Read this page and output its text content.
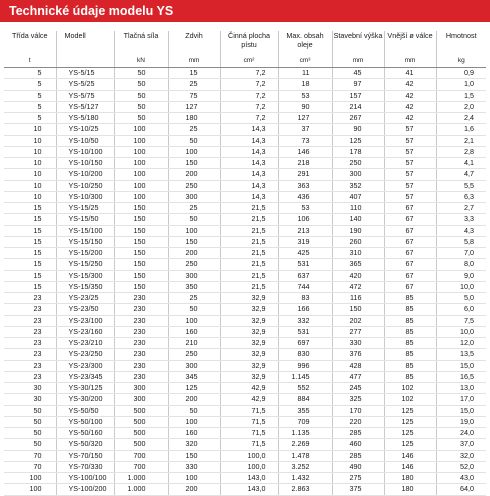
Technické údaje modelu YS
Třída válce	Modell	Tlačná síla	Zdvih	Činná plocha pístu	Max. obsah oleje	Stavební výška	Vnější ø válce	Hmotnost
t		kN	mm	cm²	cm³	mm	mm	kg
5	YS-5/15	50	15	7,2	11	45	41	0,9
5	YS-5/25	50	25	7,2	18	97	42	1,0
5	YS-5/75	50	75	7,2	53	157	42	1,5
5	YS-5/127	50	127	7,2	90	214	42	2,0
5	YS-5/180	50	180	7,2	127	267	42	2,4
10	YS-10/25	100	25	14,3	37	90	57	1,6
10	YS-10/50	100	50	14,3	73	125	57	2,1
10	YS-10/100	100	100	14,3	146	178	57	2,8
10	YS-10/150	100	150	14,3	218	250	57	4,1
10	YS-10/200	100	200	14,3	291	300	57	4,7
10	YS-10/250	100	250	14,3	363	352	57	5,5
10	YS-10/300	100	300	14,3	436	407	57	6,3
15	YS-15/25	150	25	21,5	53	110	67	2,7
15	YS-15/50	150	50	21,5	106	140	67	3,3
15	YS-15/100	150	100	21,5	213	190	67	4,3
15	YS-15/150	150	150	21,5	319	260	67	5,8
15	YS-15/200	150	200	21,5	425	310	67	7,0
15	YS-15/250	150	250	21,5	531	365	67	8,0
15	YS-15/300	150	300	21,5	637	420	67	9,0
15	YS-15/350	150	350	21,5	744	472	67	10,0
23	YS-23/25	230	25	32,9	83	116	85	5,0
23	YS-23/50	230	50	32,9	166	150	85	6,0
23	YS-23/100	230	100	32,9	332	202	85	7,5
23	YS-23/160	230	160	32,9	531	277	85	10,0
23	YS-23/210	230	210	32,9	697	330	85	12,0
23	YS-23/250	230	250	32,9	830	376	85	13,5
23	YS-23/300	230	300	32,9	996	428	85	15,0
23	YS-23/345	230	345	32,9	1.145	477	85	16,5
30	YS-30/125	300	125	42,9	552	245	102	13,0
30	YS-30/200	300	200	42,9	884	325	102	17,0
50	YS-50/50	500	50	71,5	355	170	125	15,0
50	YS-50/100	500	100	71,5	709	220	125	19,0
50	YS-50/160	500	160	71,5	1.135	285	125	24,0
50	YS-50/320	500	320	71,5	2.269	460	125	37,0
70	YS-70/150	700	150	100,0	1.478	285	146	32,0
70	YS-70/330	700	330	100,0	3.252	490	146	52,0
100	YS-100/100	1.000	100	143,0	1.432	275	180	43,0
100	YS-100/200	1.000	200	143,0	2.863	375	180	64,0
